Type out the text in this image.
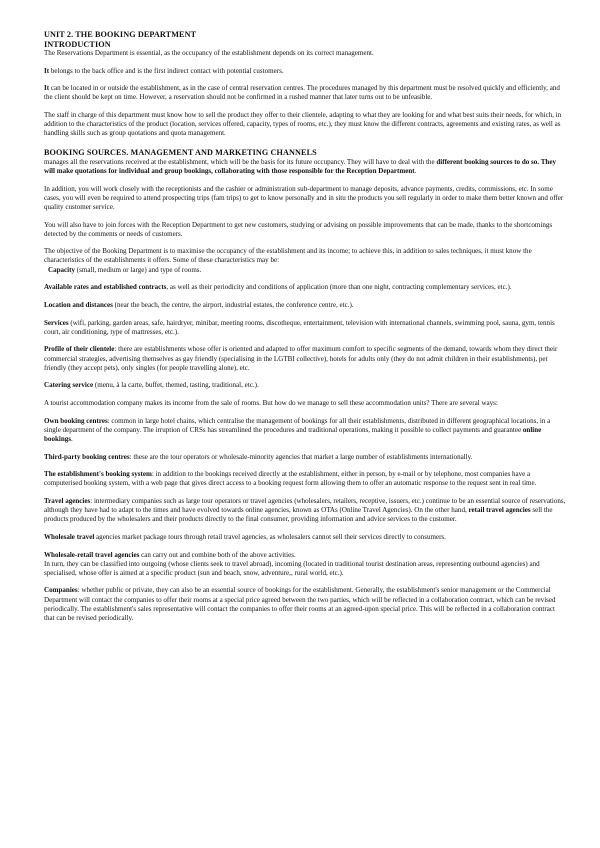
UNIT 2. THE BOOKING DEPARTMENT
INTRODUCTION

The Reservations Department is essential, as the occupancy of the establishment depends on its correct management.

It belongs to the back office and is the first indirect contact with potential customers.

It can be located in or outside the establishment, as in the case of central reservation centres. The procedures managed by this department must be resolved quickly and efficiently, and the client should be kept on time. However, a reservation should not be confirmed in a rushed manner that later turns out to be unfeasible.

The staff in charge of this department must know how to sell the product they offer to their clientele, adapting to what they are looking for and what best suits their needs, for which, in addition to the characteristics of the product (location, services offered, capacity, types of rooms, etc.), they must know the different contracts, agreements and existing rates, as well as handling skills such as group quotations and quota management.

BOOKING SOURCES. MANAGEMENT AND MARKETING CHANNELS

manages all the reservations received at the establishment, which will be the basis for its future occupancy. They will have to deal with the different booking sources to do so. They will make quotations for individual and group bookings, collaborating with those responsible for the Reception Department.

In addition, you will work closely with the receptionists and the cashier or administration sub-department to manage deposits, advance payments, credits, commissions, etc. In some cases, you will even be required to attend prospecting trips (fam trips) to get to know personally and in situ the products you sell regularly in order to make them better known and offer quality customer service.

You will also have to join forces with the Reception Department to get new customers, studying or advising on possible improvements that can be made, thanks to the shortcomings detected by the comments or needs of customers.

The objective of the Booking Department is to maximise the occupancy of the establishment and its income; to achieve this, in addition to sales techniques, it must know the characteristics of the establishments it offers. Some of these characteristics may be:

Capacity (small, medium or large) and type of rooms.

Available rates and established contracts, as well as their periodicity and conditions of application (more than one night, contracting complementary services, etc.).

Location and distances (near the beach, the centre, the airport, industrial estates, the conference centre, etc.).

Services (wifi, parking, garden areas, safe, hairdryer, minibar, meeting rooms, discotheque, entertainment, television with international channels, swimming pool, sauna, gym, tennis court, air conditioning, type of mattresses, etc.).

Profile of their clientele: there are establishments whose offer is oriented and adapted to offer maximum comfort to specific segments of the demand, towards whom they direct their commercial strategies, advertising themselves as gay friendly (specialising in the LGTBI collective), hotels for adults only (they do not admit children in their establishments), pet friendly (they accept pets), only singles (for people travelling alone), etc.

Catering service (menu, à la carte, buffet, themed, tasting, traditional, etc.).

A tourist accommodation company makes its income from the sale of rooms. But how do we manage to sell these accommodation units? There are several ways:

Own booking centres: common in large hotel chains, which centralise the management of bookings for all their establishments, distributed in different geographical locations, in a single department of the company. The irruption of CRSs has streamlined the procedures and traditional operations, making it possible to collect payments and guarantee online bookings.

Third-party booking centres: these are the tour operators or wholesale-minority agencies that market a large number of establishments internationally.

The establishment's booking system: in addition to the bookings received directly at the establishment, either in person, by e-mail or by telephone, most companies have a computerised booking system, with a web page that gives direct access to a booking request form allowing them to offer an automatic response to the request sent in real time.

Travel agencies: intermediary companies such as large tour operators or travel agencies (wholesalers, retailers, receptive, issuers, etc.) continue to be an essential source of reservations, although they have had to adapt to the times and have evolved towards online agencies, known as OTAs (Online Travel Agencies). On the other hand, retail travel agencies sell the products produced by the wholesalers and their products directly to the final consumer, providing information and advice services to the customer.

Wholesale travel agencies market package tours through retail travel agencies, as wholesalers cannot sell their services directly to consumers.

Wholesale-retail travel agencies can carry out and combine both of the above activities.
In turn, they can be classified into outgoing (whose clients seek to travel abroad), incoming (located in traditional tourist destination areas, representing outbound agencies) and specialised, whose offer is aimed at a specific product (sun and beach, snow, adventure,, rural world, etc.).

Companies: whether public or private, they can also be an essential source of bookings for the establishment. Generally, the establishment's senior management or the Commercial Department will contact the companies to offer their rooms at a special price agreed between the two parties, which will be reflected in a collaboration contract, which can be revised periodically. The establishment's sales representative will contact the companies to offer their rooms at an agreed-upon special price. This will be reflected in a collaboration contract that can be revised periodically.
